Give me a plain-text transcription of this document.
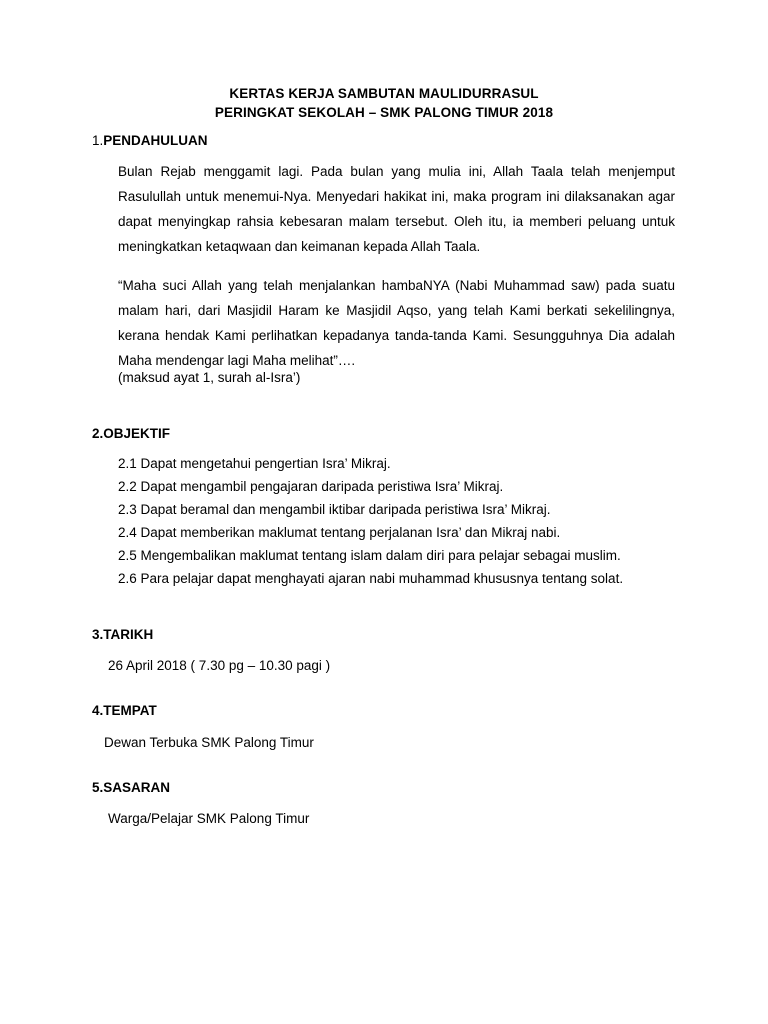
KERTAS KERJA SAMBUTAN MAULIDURRASUL
PERINGKAT SEKOLAH – SMK PALONG TIMUR 2018
1.PENDAHULUAN
Bulan Rejab menggamit lagi. Pada bulan yang mulia ini, Allah Taala telah menjemput Rasulullah untuk menemui-Nya. Menyedari hakikat ini, maka program ini dilaksanakan agar dapat menyingkap rahsia kebesaran malam tersebut. Oleh itu, ia memberi peluang untuk meningkatkan ketaqwaan dan keimanan kepada Allah Taala.
“Maha suci Allah yang telah menjalankan hambaNYA (Nabi Muhammad saw) pada suatu malam hari, dari Masjidil Haram ke Masjidil Aqso, yang telah Kami berkati sekelilingnya, kerana hendak Kami perlihatkan kepadanya tanda-tanda Kami. Sesungguhnya Dia adalah Maha mendengar lagi Maha melihat”….
(maksud ayat 1, surah al-Isra’)
2.OBJEKTIF
2.1 Dapat mengetahui pengertian Isra’ Mikraj.
2.2 Dapat mengambil pengajaran daripada peristiwa Isra’ Mikraj.
2.3 Dapat beramal dan mengambil iktibar daripada peristiwa Isra’ Mikraj.
2.4 Dapat memberikan maklumat tentang perjalanan Isra’ dan Mikraj nabi.
2.5 Mengembalikan maklumat tentang islam dalam diri para pelajar sebagai muslim.
2.6 Para pelajar dapat menghayati ajaran nabi muhammad khususnya tentang solat.
3.TARIKH
26 April 2018 ( 7.30 pg – 10.30 pagi )
4.TEMPAT
Dewan Terbuka SMK Palong Timur
5.SASARAN
Warga/Pelajar SMK Palong Timur
